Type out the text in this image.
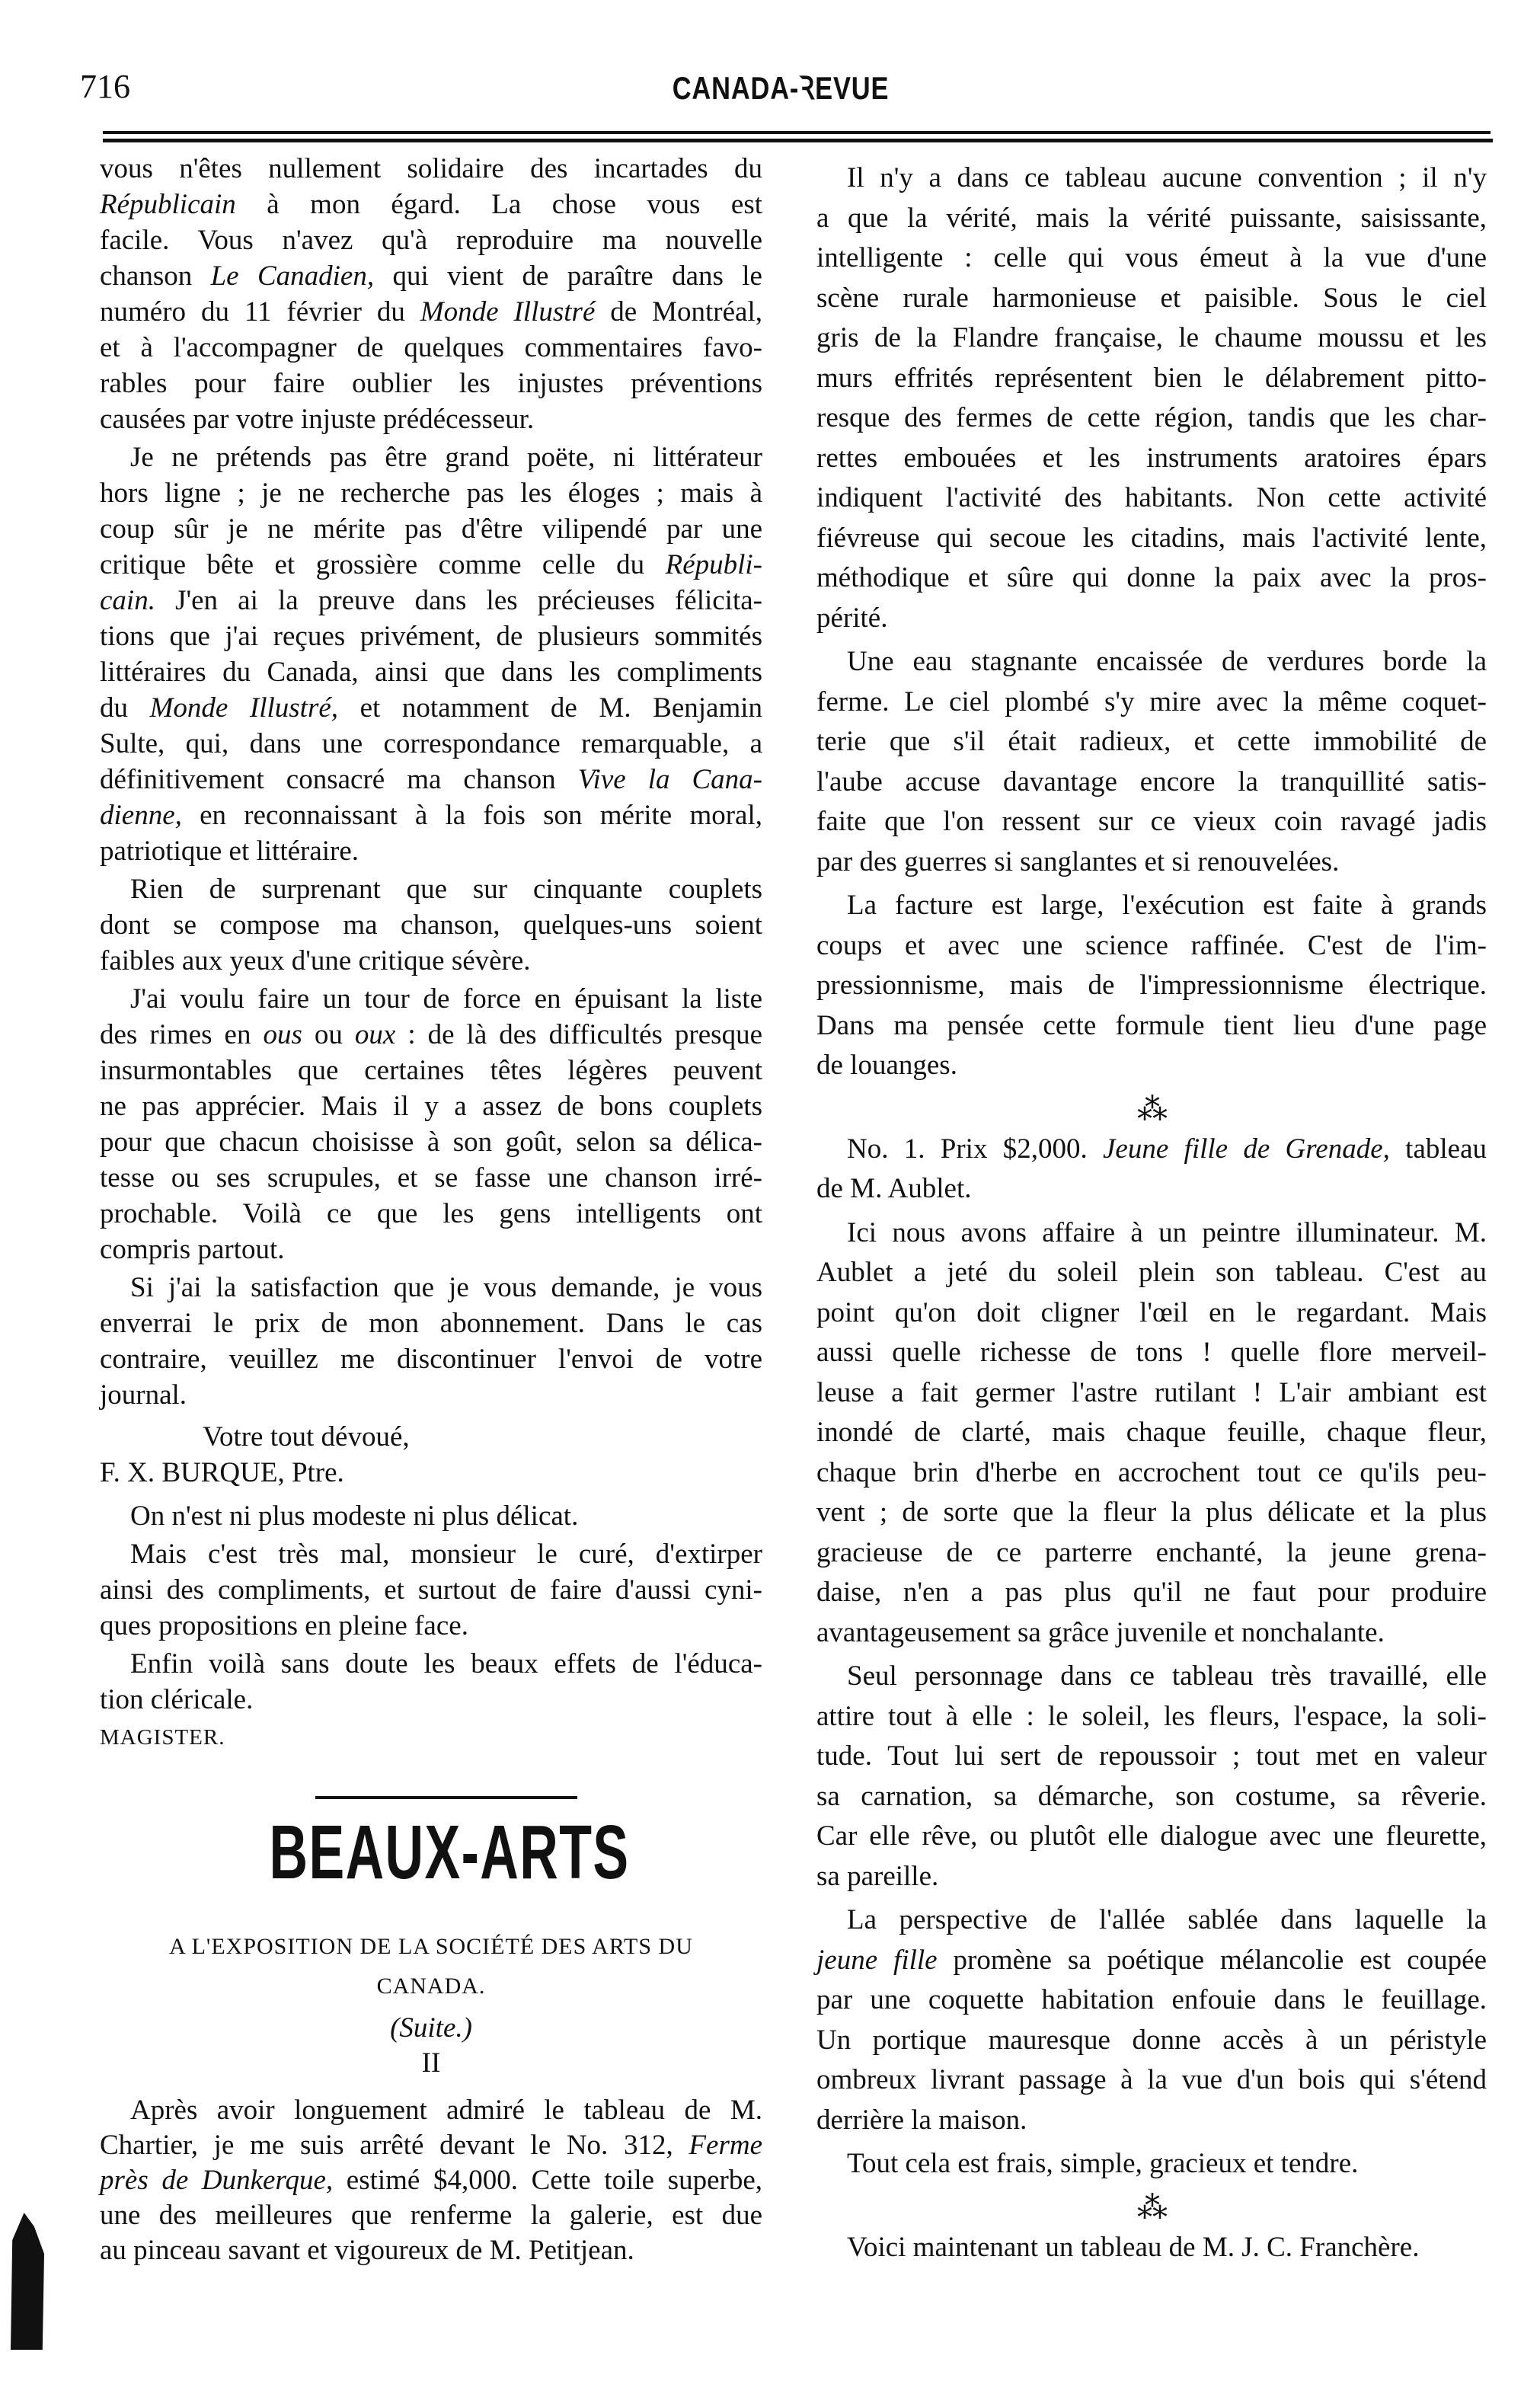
716	CANADA-ꝚEVUE
vous n'êtes nullement solidaire des incartades du
Républicain à mon égard. La chose vous est
facile. Vous n'avez qu'à reproduire ma nouvelle
chanson Le Canadien, qui vient de paraître dans le
numéro du 11 février du Monde Illustré de Montréal,
et à l'accompagner de quelques commentaires favo-
rables pour faire oublier les injustes préventions
causées par votre injuste prédécesseur.
Je ne prétends pas être grand poëte, ni littérateur
hors ligne ; je ne recherche pas les éloges ; mais à
coup sûr je ne mérite pas d'être vilipendé par une
critique bête et grossière comme celle du Républi-
cain. J'en ai la preuve dans les précieuses félicita-
tions que j'ai reçues privément, de plusieurs sommités
littéraires du Canada, ainsi que dans les compliments
du Monde Illustré, et notamment de M. Benjamin
Sulte, qui, dans une correspondance remarquable, a
définitivement consacré ma chanson Vive la Cana-
dienne, en reconnaissant à la fois son mérite moral,
patriotique et littéraire.
Rien de surprenant que sur cinquante couplets
dont se compose ma chanson, quelques-uns soient
faibles aux yeux d'une critique sévère.
J'ai voulu faire un tour de force en épuisant la liste
des rimes en ous ou oux : de là des difficultés presque
insurmontables que certaines têtes légères peuvent
ne pas apprécier. Mais il y a assez de bons couplets
pour que chacun choisisse à son goût, selon sa délica-
tesse ou ses scrupules, et se fasse une chanson irré-
prochable. Voilà ce que les gens intelligents ont
compris partout.
Si j'ai la satisfaction que je vous demande, je vous
enverrai le prix de mon abonnement. Dans le cas
contraire, veuillez me discontinuer l'envoi de votre
journal.
Votre tout dévoué,
F. X. BURQUE, Ptre.
On n'est ni plus modeste ni plus délicat.
Mais c'est très mal, monsieur le curé, d'extirper
ainsi des compliments, et surtout de faire d'aussi cyni-
ques propositions en pleine face.
Enfin voilà sans doute les beaux effets de l'éduca-
tion cléricale.
MAGISTER.
BEAUX-ARTS
A L'EXPOSITION DE LA SOCIÉTÉ DES ARTS DU
CANADA.
(Suite.)
II
Après avoir longuement admiré le tableau de M.
Chartier, je me suis arrêté devant le No. 312, Ferme
près de Dunkerque, estimé $4,000. Cette toile superbe,
une des meilleures que renferme la galerie, est due
au pinceau savant et vigoureux de M. Petitjean.
Il n'y a dans ce tableau aucune convention ; il n'y
a que la vérité, mais la vérité puissante, saisissante,
intelligente : celle qui vous émeut à la vue d'une
scène rurale harmonieuse et paisible. Sous le ciel
gris de la Flandre française, le chaume moussu et les
murs effrités représentent bien le délabrement pitto-
resque des fermes de cette région, tandis que les char-
rettes embouées et les instruments aratoires épars
indiquent l'activité des habitants. Non cette activité
fiévreuse qui secoue les citadins, mais l'activité lente,
méthodique et sûre qui donne la paix avec la pros-
périté.
Une eau stagnante encaissée de verdures borde la
ferme. Le ciel plombé s'y mire avec la même coquet-
terie que s'il était radieux, et cette immobilité de
l'aube accuse davantage encore la tranquillité satis-
faite que l'on ressent sur ce vieux coin ravagé jadis
par des guerres si sanglantes et si renouvelées.
La facture est large, l'exécution est faite à grands
coups et avec une science raffinée. C'est de l'im-
pressionnisme, mais de l'impressionnisme électrique.
Dans ma pensée cette formule tient lieu d'une page
de louanges.
⁂
No. 1. Prix $2,000. Jeune fille de Grenade, tableau
de M. Aublet.
Ici nous avons affaire à un peintre illuminateur. M.
Aublet a jeté du soleil plein son tableau. C'est au
point qu'on doit cligner l'œil en le regardant. Mais
aussi quelle richesse de tons ! quelle flore merveil-
leuse a fait germer l'astre rutilant ! L'air ambiant est
inondé de clarté, mais chaque feuille, chaque fleur,
chaque brin d'herbe en accrochent tout ce qu'ils peu-
vent ; de sorte que la fleur la plus délicate et la plus
gracieuse de ce parterre enchanté, la jeune grena-
daise, n'en a pas plus qu'il ne faut pour produire
avantageusement sa grâce juvenile et nonchalante.
Seul personnage dans ce tableau très travaillé, elle
attire tout à elle : le soleil, les fleurs, l'espace, la soli-
tude. Tout lui sert de repoussoir ; tout met en valeur
sa carnation, sa démarche, son costume, sa rêverie.
Car elle rêve, ou plutôt elle dialogue avec une fleurette,
sa pareille.
La perspective de l'allée sablée dans laquelle la
jeune fille promène sa poétique mélancolie est coupée
par une coquette habitation enfouie dans le feuillage.
Un portique mauresque donne accès à un péristyle
ombreux livrant passage à la vue d'un bois qui s'étend
derrière la maison.
Tout cela est frais, simple, gracieux et tendre.
⁂
Voici maintenant un tableau de M. J. C. Franchère.
